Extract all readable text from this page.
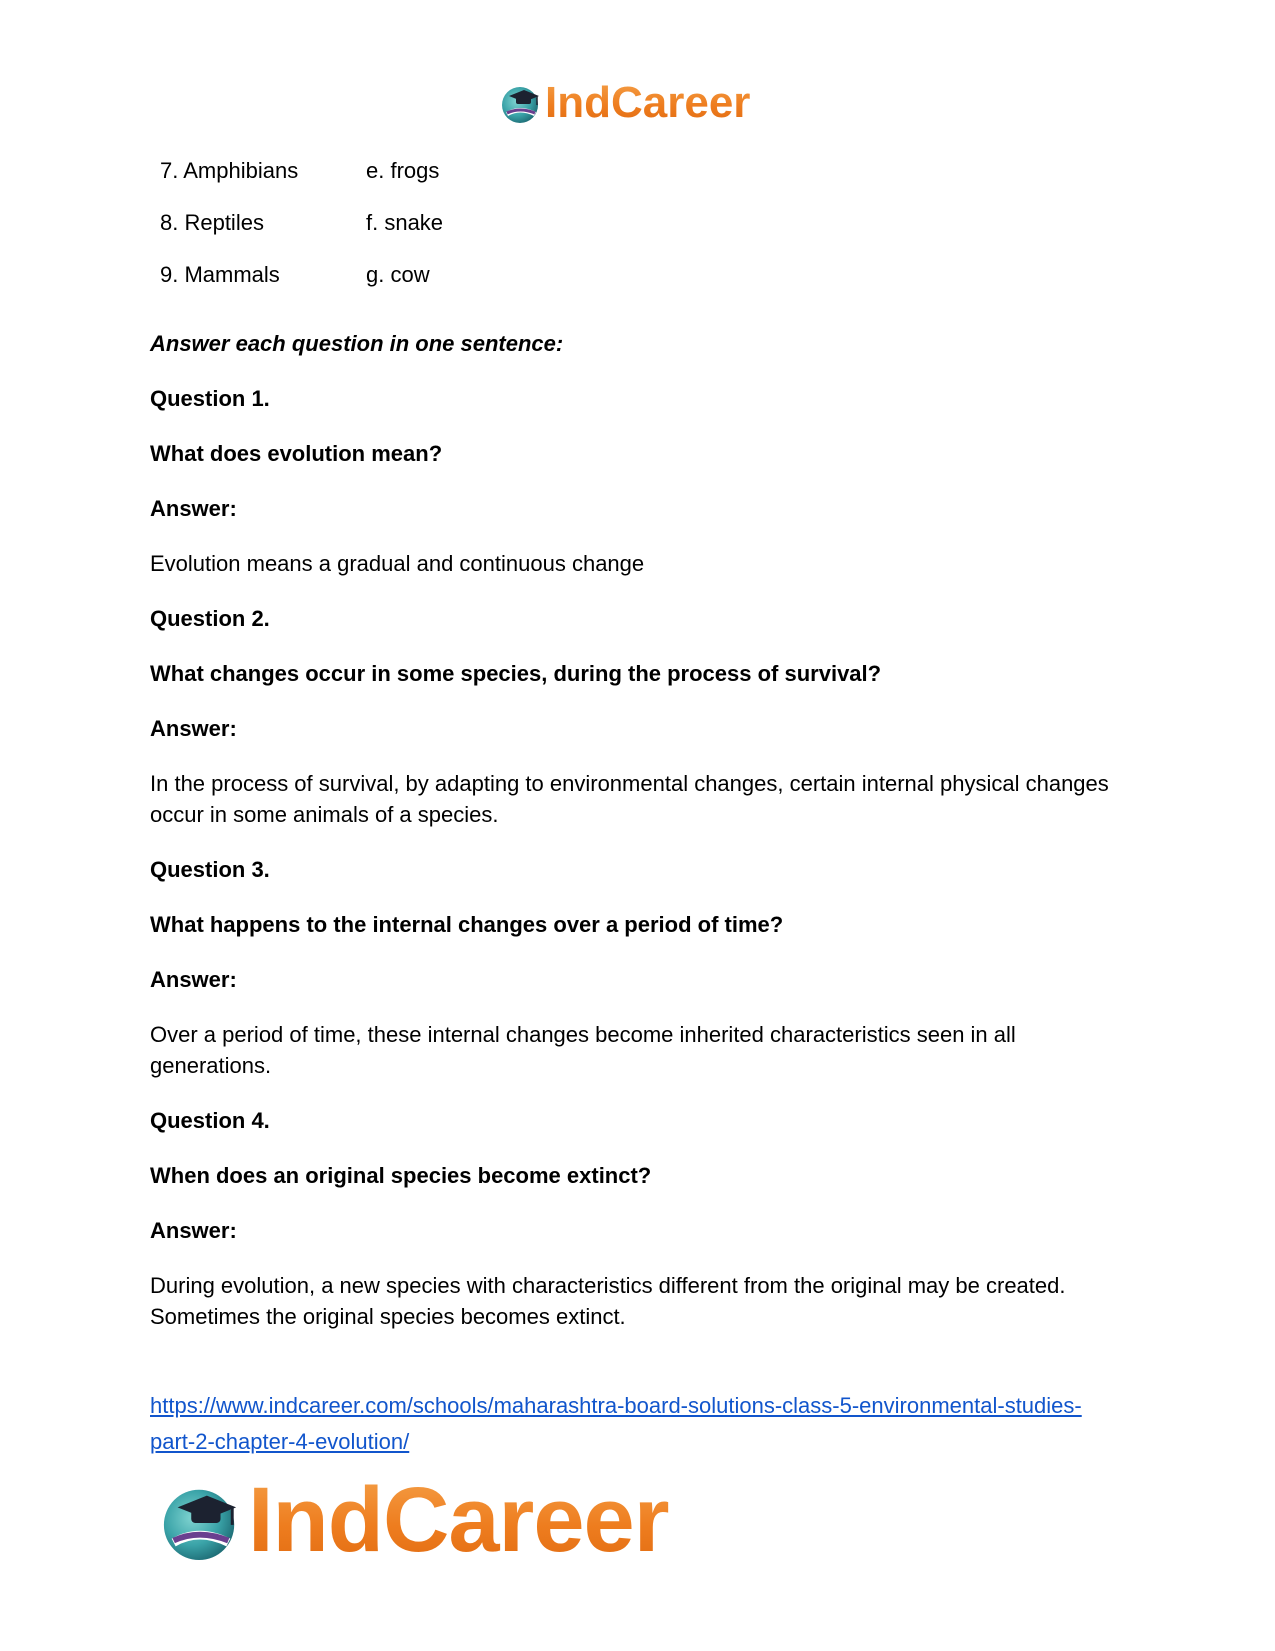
IndCareer
7. Amphibians	e. frogs
8. Reptiles	f. snake
9. Mammals	g. cow
Answer each question in one sentence:
Question 1.
What does evolution mean?
Answer:
Evolution means a gradual and continuous change
Question 2.
What changes occur in some species, during the process of survival?
Answer:
In the process of survival, by adapting to environmental changes, certain internal physical changes occur in some animals of a species.
Question 3.
What happens to the internal changes over a period of time?
Answer:
Over a period of time, these internal changes become inherited characteristics seen in all generations.
Question 4.
When does an original species become extinct?
Answer:
During evolution, a new species with characteristics different from the original may be created. Sometimes the original species becomes extinct.
https://www.indcareer.com/schools/maharashtra-board-solutions-class-5-environmental-studies-
part-2-chapter-4-evolution/
IndCareer
